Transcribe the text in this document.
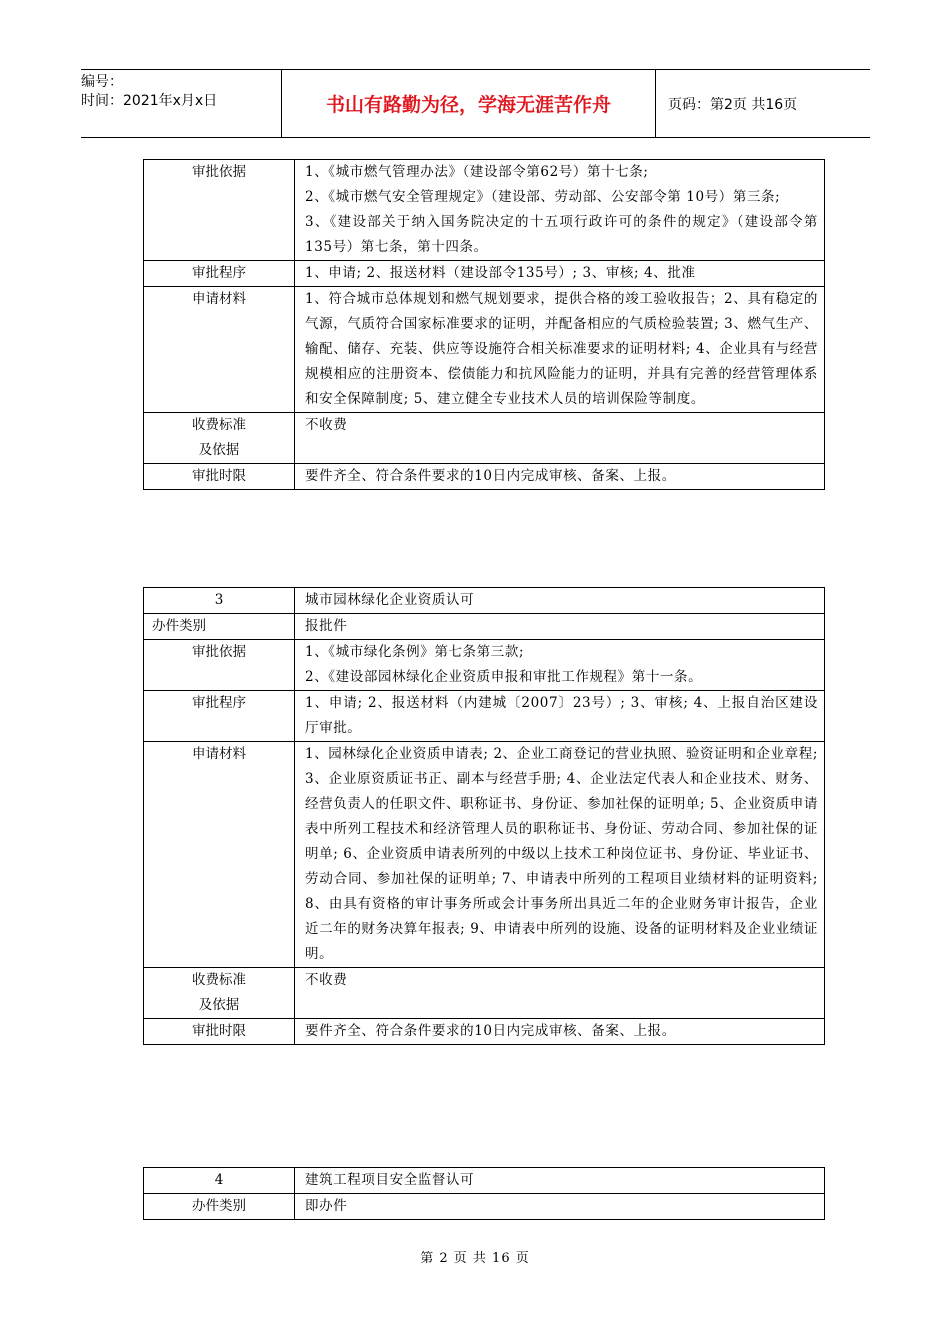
编号：
时间：2021年x月x日	书山有路勤为径，学海无涯苦作舟	页码：第2页 共16页
审批依据	1、《城市燃气管理办法》（建设部令第62号）第十七条;
2、《城市燃气安全管理规定》（建设部、劳动部、公安部令第 10号）第三条;
3、《建设部关于纳入国务院决定的十五项行政许可的条件的规定》（建设部令第135号）第七条，第十四条。

审批程序	1、申请; 2、报送材料（建设部令135号）; 3、审核; 4、批准
申请材料	1、符合城市总体规划和燃气规划要求，提供合格的竣工验收报告；2、具有稳定的气源，气质符合国家标准要求的证明，并配备相应的气质检验装置; 3、燃气生产、输配、储存、充装、供应等设施符合相关标准要求的证明材料; 4、企业具有与经营规模相应的注册资本、偿债能力和抗风险能力的证明，并具有完善的经营管理体系和安全保障制度; 5、建立健全专业技术人员的培训保险等制度。

收费标准
及依据	不收费
审批时限	要件齐全、符合条件要求的10日内完成审核、备案、上报。
3	城市园林绿化企业资质认可
办件类别	报批件
审批依据	1、《城市绿化条例》第七条第三款;
2、《建设部园林绿化企业资质申报和审批工作规程》第十一条。

审批程序	1、申请; 2、报送材料（内建城〔2007〕23号）; 3、审核; 4、上报自治区建设厅审批。
申请材料	1、园林绿化企业资质申请表; 2、企业工商登记的营业执照、验资证明和企业章程; 3、企业原资质证书正、副本与经营手册; 4、企业法定代表人和企业技术、财务、经营负责人的任职文件、职称证书、身份证、参加社保的证明单; 5、企业资质申请表中所列工程技术和经济管理人员的职称证书、身份证、劳动合同、参加社保的证明单; 6、企业资质申请表所列的中级以上技术工种岗位证书、身份证、毕业证书、劳动合同、参加社保的证明单; 7、申请表中所列的工程项目业绩材料的证明资料; 8、由具有资格的审计事务所或会计事务所出具近二年的企业财务审计报告，企业近二年的财务决算年报表; 9、申请表中所列的设施、设备的证明材料及企业业绩证明。

收费标准
及依据	不收费
审批时限	要件齐全、符合条件要求的10日内完成审核、备案、上报。
4	建筑工程项目安全监督认可
办件类别	即办件
第 2 页 共 16 页
